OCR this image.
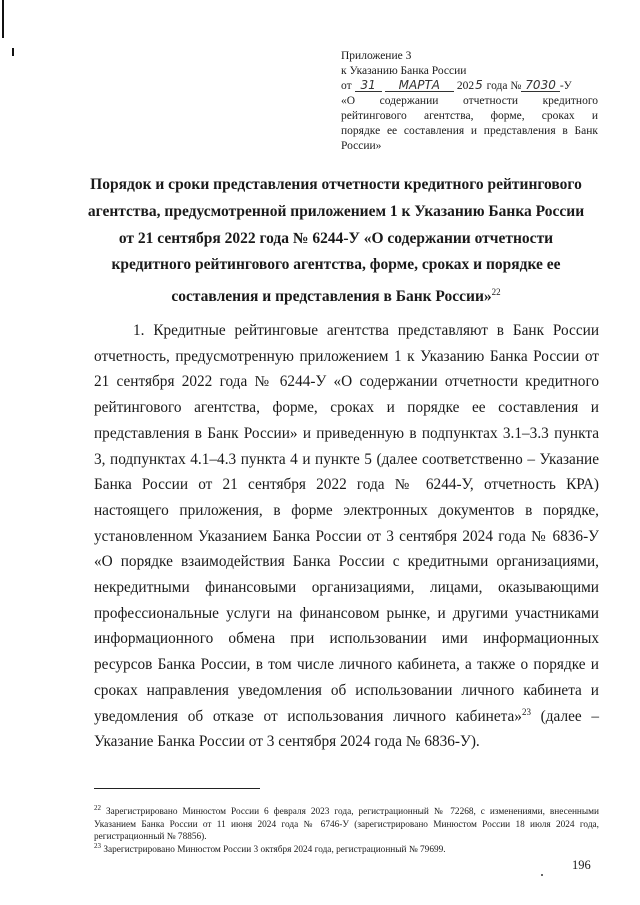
Приложение 3
к Указанию Банка России
от 31 МАРТА 2025 года № 7030 -У
«О содержании отчетности кредитного
рейтингового агентства, форме, сроках и
порядке ее составления и представления в Банк
России»
Порядок и сроки представления отчетности кредитного рейтингового агентства, предусмотренной приложением 1 к Указанию Банка России от 21 сентября 2022 года № 6244-У «О содержании отчетности кредитного рейтингового агентства, форме, сроках и порядке ее составления и представления в Банк России»$^{22}$

1. Кредитные рейтинговые агентства представляют в Банк России отчетность, предусмотренную приложением 1 к Указанию Банка России от 21 сентября 2022 года № 6244-У «О содержании отчетности кредитного рейтингового агентства, форме, сроках и порядке ее составления и представления в Банк России» и приведенную в подпунктах 3.1–3.3 пункта 3, подпунктах 4.1–4.3 пункта 4 и пункте 5 (далее соответственно – Указание Банка России от 21 сентября 2022 года № 6244-У, отчетность КРА) настоящего приложения, в форме электронных документов в порядке, установленном Указанием Банка России от 3 сентября 2024 года № 6836-У «О порядке взаимодействия Банка России с кредитными организациями, некредитными финансовыми организациями, лицами, оказывающими профессиональные услуги на финансовом рынке, и другими участниками информационного обмена при использовании ими информационных ресурсов Банка России, в том числе личного кабинета, а также о порядке и сроках направления уведомления об использовании личного кабинета и уведомления об отказе от использования личного кабинета»$^{23}$ (далее – Указание Банка России от 3 сентября 2024 года № 6836-У).

$^{22}$ Зарегистрировано Минюстом России 6 февраля 2023 года, регистрационный № 72268, с изменениями, внесенными Указанием Банка России от 11 июня 2024 года № 6746-У (зарегистрировано Минюстом России 18 июля 2024 года, регистрационный № 78856).

$^{23}$ Зарегистрировано Минюстом России 3 октября 2024 года, регистрационный № 79699.

196
